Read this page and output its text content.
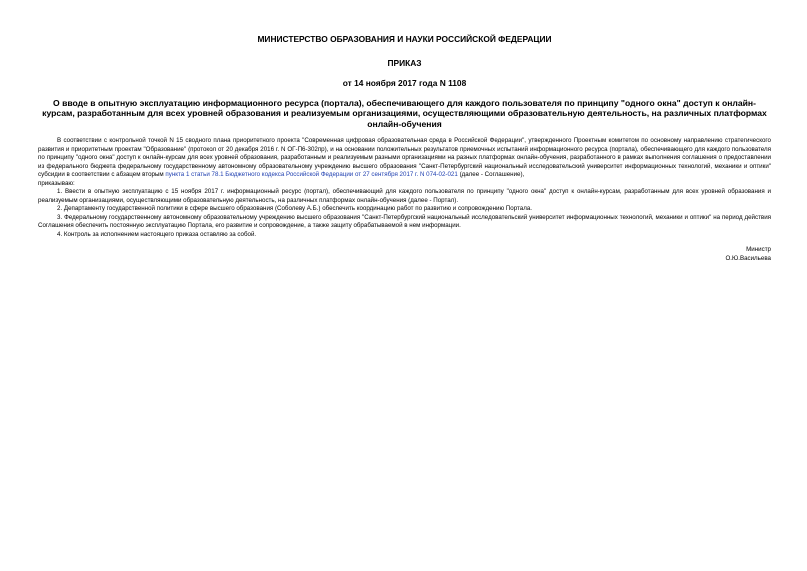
МИНИСТЕРСТВО ОБРАЗОВАНИЯ И НАУКИ РОССИЙСКОЙ ФЕДЕРАЦИИ

ПРИКАЗ

от 14 ноября 2017 года N 1108

О вводе в опытную эксплуатацию информационного ресурса (портала), обеспечивающего для каждого пользователя по принципу "одного окна" доступ к онлайн-курсам, разработанным для всех уровней образования и реализуемым организациями, осуществляющими образовательную деятельность, на различных платформах онлайн-обучения

В соответствии с контрольной точкой N 15 сводного плана приоритетного проекта "Современная цифровая образовательная среда в Российской Федерации", утвержденного Проектным комитетом по основному направлению стратегического развития и приоритетным проектам "Образование" (протокол от 20 декабря 2016 г. N ОГ-П6-302пр), и на основании положительных результатов приемочных испытаний информационного ресурса (портала), обеспечивающего для каждого пользователя по принципу "одного окна" доступ к онлайн-курсам для всех уровней образования, разработанным и реализуемым разными организациями на разных платформах онлайн-обучения, разработанного в рамках выполнения соглашения о предоставлении из федерального бюджета федеральному государственному автономному образовательному учреждению высшего образования "Санкт-Петербургский национальный исследовательский университет информационных технологий, механики и оптики" субсидии в соответствии с абзацем вторым пункта 1 статьи 78.1 Бюджетного кодекса Российской Федерации от 27 сентября 2017 г. N 074-02-021 (далее - Соглашение),

приказываю:

1. Ввести в опытную эксплуатацию с 15 ноября 2017 г. информационный ресурс (портал), обеспечивающий для каждого пользователя по принципу "одного окна" доступ к онлайн-курсам, разработанным для всех уровней образования и реализуемым организациями, осуществляющими образовательную деятельность, на различных платформах онлайн-обучения (далее - Портал).

2. Департаменту государственной политики в сфере высшего образования (Соболеву А.Б.) обеспечить координацию работ по развитию и сопровождению Портала.

3. Федеральному государственному автономному образовательному учреждению высшего образования "Санкт-Петербургский национальный исследовательский университет информационных технологий, механики и оптики" на период действия Соглашения обеспечить постоянную эксплуатацию Портала, его развитие и сопровождение, а также защиту обрабатываемой в нем информации.

4. Контроль за исполнением настоящего приказа оставляю за собой.

Министр
О.Ю.Васильева
